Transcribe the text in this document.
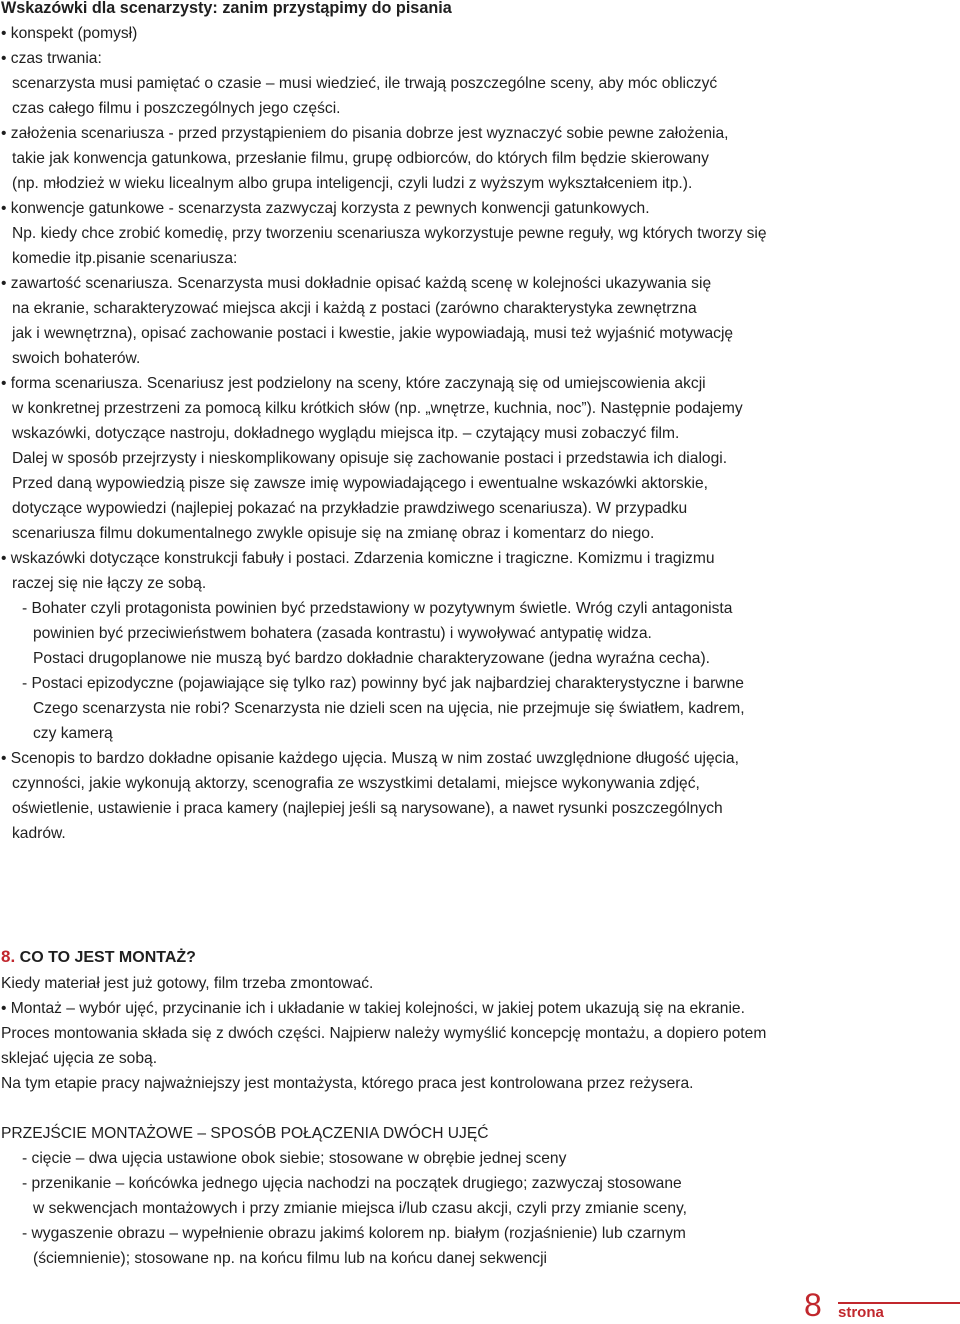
Wskazówki dla scenarzysty: zanim przystąpimy do pisania
• konspekt (pomysł)
• czas trwania:
scenarzysta musi pamiętać o czasie – musi wiedzieć, ile trwają poszczególne sceny, aby móc obliczyć
czas całego filmu i poszczególnych jego części.
• założenia scenariusza - przed przystąpieniem do pisania dobrze jest wyznaczyć sobie pewne założenia,
takie jak konwencja gatunkowa, przesłanie filmu, grupę odbiorców, do których film będzie skierowany
(np. młodzież w wieku licealnym albo grupa inteligencji, czyli ludzi z wyższym wykształceniem itp.).
• konwencje gatunkowe - scenarzysta zazwyczaj korzysta z pewnych konwencji gatunkowych.
Np. kiedy chce zrobić komedię, przy tworzeniu scenariusza wykorzystuje pewne reguły, wg których tworzy się
komedie itp.pisanie scenariusza:
• zawartość scenariusza. Scenarzysta musi dokładnie opisać każdą scenę w kolejności ukazywania się
na ekranie, scharakteryzować miejsca akcji i każdą z postaci (zarówno charakterystyka zewnętrzna
jak i wewnętrzna), opisać zachowanie postaci i kwestie, jakie wypowiadają, musi też wyjaśnić motywację
swoich bohaterów.
• forma scenariusza. Scenariusz jest podzielony na sceny, które zaczynają się od umiejscowienia akcji
w konkretnej przestrzeni za pomocą kilku krótkich słów (np. „wnętrze, kuchnia, noc”). Następnie podajemy
wskazówki, dotyczące nastroju, dokładnego wyglądu miejsca itp. – czytający musi zobaczyć film.
Dalej w sposób przejrzysty i nieskomplikowany opisuje się zachowanie postaci i przedstawia ich dialogi.
Przed daną wypowiedzią pisze się zawsze imię wypowiadającego i ewentualne wskazówki aktorskie,
dotyczące wypowiedzi (najlepiej pokazać na przykładzie prawdziwego scenariusza). W przypadku
scenariusza filmu dokumentalnego zwykle opisuje się na zmianę obraz i komentarz do niego.
• wskazówki dotyczące konstrukcji fabuły i postaci. Zdarzenia komiczne i tragiczne. Komizmu i tragizmu
raczej się nie łączy ze sobą.
- Bohater czyli protagonista powinien być przedstawiony w pozytywnym świetle. Wróg czyli antagonista
powinien być przeciwieństwem bohatera (zasada kontrastu) i wywoływać antypatię widza.
Postaci drugoplanowe nie muszą być bardzo dokładnie charakteryzowane (jedna wyraźna cecha).
- Postaci epizodyczne (pojawiające się tylko raz) powinny być jak najbardziej charakterystyczne i barwne
Czego scenarzysta nie robi? Scenarzysta nie dzieli scen na ujęcia, nie przejmuje się światłem, kadrem,
czy kamerą
• Scenopis to bardzo dokładne opisanie każdego ujęcia. Muszą w nim zostać uwzględnione długość ujęcia,
czynności, jakie wykonują aktorzy, scenografia ze wszystkimi detalami, miejsce wykonywania zdjęć,
oświetlenie, ustawienie i praca kamery (najlepiej jeśli są narysowane), a nawet rysunki poszczególnych
kadrów.
8. CO TO JEST MONTAŻ?
Kiedy materiał jest już gotowy, film trzeba zmontować.
• Montaż – wybór ujęć, przycinanie ich i układanie w takiej kolejności, w jakiej potem ukazują się na ekranie.
Proces montowania składa się z dwóch części. Najpierw należy wymyślić koncepcję montażu, a dopiero potem
sklejać ujęcia ze sobą.
Na tym etapie pracy najważniejszy jest montażysta, którego praca jest kontrolowana przez reżysera.
PRZEJŚCIE MONTAŻOWE – SPOSÓB POŁĄCZENIA DWÓCH UJĘĆ
- cięcie – dwa ujęcia ustawione obok siebie; stosowane w obrębie jednej sceny
- przenikanie – końcówka jednego ujęcia nachodzi na początek drugiego; zazwyczaj stosowane
w sekwencjach montażowych i przy zmianie miejsca i/lub czasu akcji, czyli przy zmianie sceny,
- wygaszenie obrazu – wypełnienie obrazu jakimś kolorem np. białym (rozjaśnienie) lub czarnym
(ściemnienie); stosowane np. na końcu filmu lub na końcu danej sekwencji
8 strona
